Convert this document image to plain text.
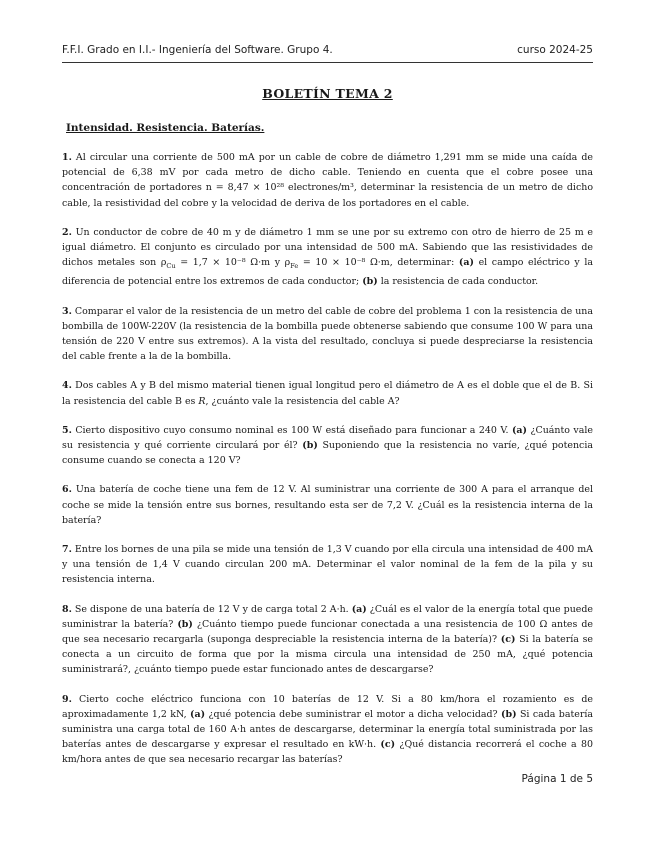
F.F.I. Grado en I.I.- Ingeniería del Software. Grupo 4.	curso 2024-25
BOLETÍN TEMA 2
Intensidad. Resistencia. Baterías.

1. Al circular una corriente de 500 mA por un cable de cobre de diámetro 1,291 mm se mide una caída de potencial de 6,38 mV por cada metro de dicho cable. Teniendo en cuenta que el cobre posee una concentración de portadores n = 8,47 × 10²⁸ electrones/m³, determinar la resistencia de un metro de dicho cable, la resistividad del cobre y la velocidad de deriva de los portadores en el cable.

2. Un conductor de cobre de 40 m y de diámetro 1 mm se une por su extremo con otro de hierro de 25 m e igual diámetro. El conjunto es circulado por una intensidad de 500 mA. Sabiendo que las resistividades de dichos metales son $\rho_{Cu} = 1,7 \times 10^{-8}$ Ω·m y $\rho_{Fe} = 10 \times 10^{-8}$ Ω·m, determinar: (a) el campo eléctrico y la diferencia de potencial entre los extremos de cada conductor; (b) la resistencia de cada conductor.

3. Comparar el valor de la resistencia de un metro del cable de cobre del problema 1 con la resistencia de una bombilla de 100W-220V (la resistencia de la bombilla puede obtenerse sabiendo que consume 100 W para una tensión de 220 V entre sus extremos). A la vista del resultado, concluya si puede despreciarse la resistencia del cable frente a la de la bombilla.

4. Dos cables A y B del mismo material tienen igual longitud pero el diámetro de A es el doble que el de B. Si la resistencia del cable B es R, ¿cuánto vale la resistencia del cable A?

5. Cierto dispositivo cuyo consumo nominal es 100 W está diseñado para funcionar a 240 V. (a) ¿Cuánto vale su resistencia y qué corriente circulará por él? (b) Suponiendo que la resistencia no varíe, ¿qué potencia consume cuando se conecta a 120 V?

6. Una batería de coche tiene una fem de 12 V. Al suministrar una corriente de 300 A para el arranque del coche se mide la tensión entre sus bornes, resultando esta ser de 7,2 V. ¿Cuál es la resistencia interna de la batería?

7. Entre los bornes de una pila se mide una tensión de 1,3 V cuando por ella circula una intensidad de 400 mA y una tensión de 1,4 V cuando circulan 200 mA. Determinar el valor nominal de la fem de la pila y su resistencia interna.

8. Se dispone de una batería de 12 V y de carga total 2 A·h. (a) ¿Cuál es el valor de la energía total que puede suministrar la batería? (b) ¿Cuánto tiempo puede funcionar conectada a una resistencia de 100 Ω antes de que sea necesario recargarla (suponga despreciable la resistencia interna de la batería)? (c) Si la batería se conecta a un circuito de forma que por la misma circula una intensidad de 250 mA, ¿qué potencia suministrará?, ¿cuánto tiempo puede estar funcionado antes de descargarse?

9. Cierto coche eléctrico funciona con 10 baterías de 12 V. Si a 80 km/hora el rozamiento es de aproximadamente 1,2 kN, (a) ¿qué potencia debe suministrar el motor a dicha velocidad? (b) Si cada batería suministra una carga total de 160 A·h antes de descargarse, determinar la energía total suministrada por las baterías antes de descargarse y expresar el resultado en kW·h. (c) ¿Qué distancia recorrerá el coche a 80 km/hora antes de que sea necesario recargar las baterías?

Página 1 de 5
